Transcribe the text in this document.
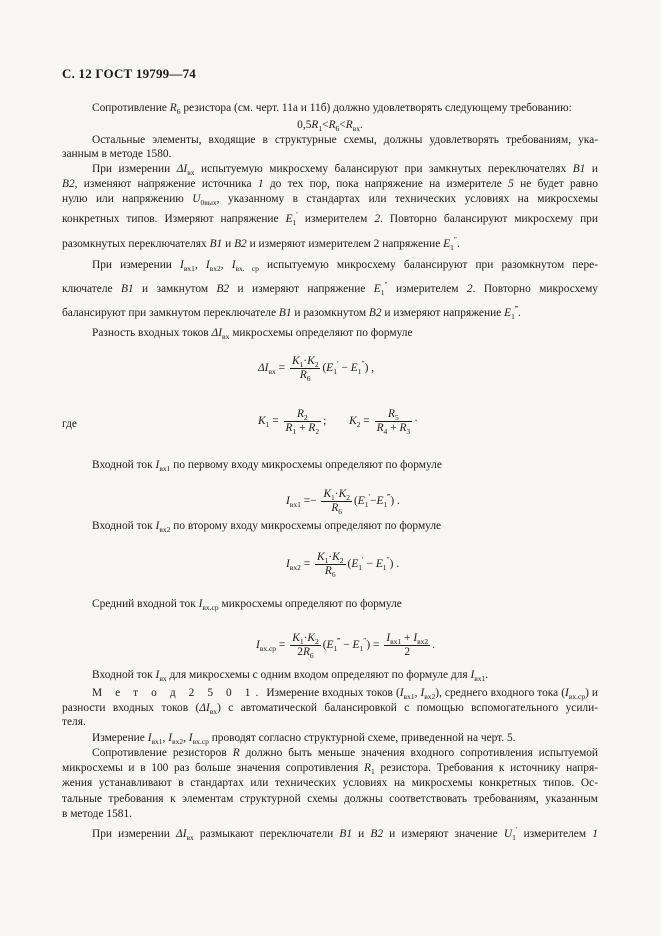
С. 12 ГОСТ 19799—74
Сопротивление $R_6$ резистора (см. черт. 11а и 11б) должно удовлетворять следующему требованию:
$0,5R_1<R_6<R_{вх}$.
Остальные элементы, входящие в структурные схемы, должны удовлетворять требованиям, ука-
занным в методе 1580.
При измерении $\Delta I_{вх}$ испытуемую микросхему балансируют при замкнутых переключателях B1 и
B2, изменяют напряжение источника 1 до тех пор, пока напряжение на измерителе 5 не будет равно
нулю или напряжению $U_{0вых}$, указанному в стандартах или технических условиях на микросхемы
конкретных типов. Измеряют напряжение $E_1'$ измерителем 2. Повторно балансируют микросхему при
разомкнутых переключателях B1 и B2 и измеряют измерителем 2 напряжение $E_1''$.
При измерении $I_{вх1}$, $I_{вх2}$, $I_{вх. ср}$ испытуемую микросхему балансируют при разомкнутом пере-
ключателе B1 и замкнутом B2 и измеряют напряжение $E_1''$ измерителем 2. Повторно микросхему
балансируют при замкнутом переключателе B1 и разомкнутом B2 и измеряют напряжение $E_1^‴$.
Разность входных токов $\Delta I_{вх}$ микросхемы определяют по формуле
$\Delta I_{вх} = \frac{K_1\cdot K_2}{R_6} (E_1' - E_1'')$ ,
где	$K_1 = \frac{R_2}{R_1 + R_2}$ ; $K_2 = \frac{R_5}{R_4 + R_3}$ ·
Входной ток $I_{вх1}$ по первому входу микросхемы определяют по формуле
$I_{вх1} =- \frac{K_1\cdot K_2}{R_6} (E_1'-E_1^‴)$ .
Входной ток $I_{вх2}$ по второму входу микросхемы определяют по формуле
$I_{вх2} = \frac{K_1\cdot K_2}{R_6} (E_1' - E_1'')$ .
Средний входной ток $I_{вх.ср}$ микросхемы определяют по формуле
$I_{вх.ср} = \frac{K_1\cdot K_2}{2R_6} (E_1^‴ - E_1'') = \frac{I_{вх1} + I_{вх2}}{2}$ .
Входной ток $I_{вх}$ для микросхемы с одним входом определяют по формуле для $I_{вх1}$.
М е т о д 2 5 0 1. Измерение входных токов ($I_{вх1}$, $I_{вх2}$), среднего входного тока $(I_{вх.ср})$ и
разности входных токов $(\Delta I_{вх})$ с автоматической балансировкой с помощью вспомогательного усили-
теля.
Измерение $I_{вх1}$, $I_{вх2}$, $I_{вх.ср}$ проводят согласно структурной схеме, приведенной на черт. 5.
Сопротивление резисторов R должно быть меньше значения входного сопротивления испытуемой
микросхемы и в 100 раз больше значения сопротивления $R_1$ резистора. Требования к источнику напря-
жения устанавливают в стандартах или технических условиях на микросхемы конкретных типов. Ос-
тальные требования к элементам структурной схемы должны соответствовать требованиям, указанным
в методе 1581.
При измерении $\Delta I_{вх}$ размыкают переключатели B1 и B2 и измеряют значение $U_1'$ измерителем 1
